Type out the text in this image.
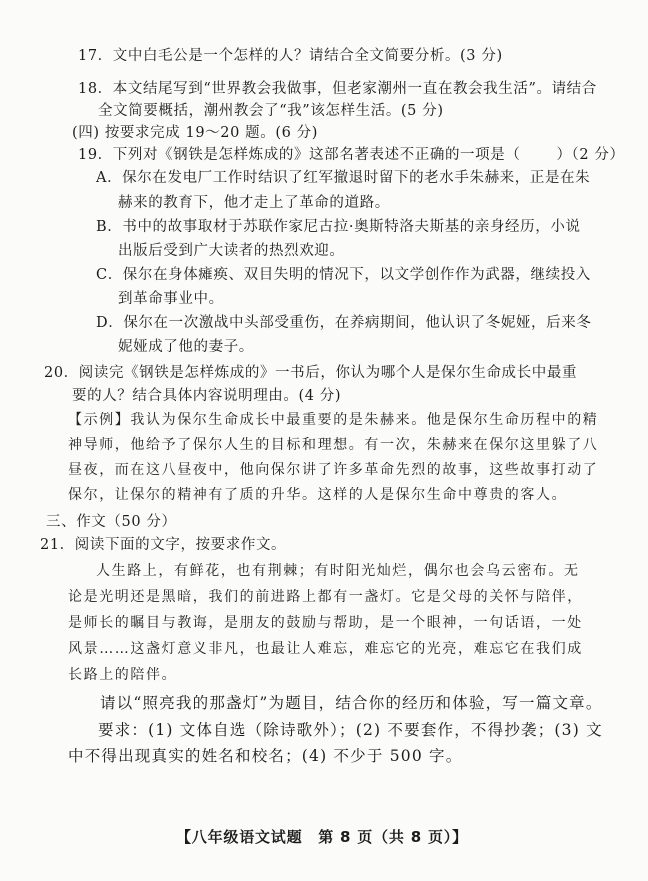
17．文中白毛公是一个怎样的人？请结合全文简要分析。(3 分)
18．本文结尾写到“世界教会我做事，但老家潮州一直在教会我生活”。请结合
全文简要概括，潮州教会了“我”该怎样生活。(5 分)
(四) 按要求完成 19～20 题。(6 分)
19．下列对《钢铁是怎样炼成的》这部名著表述不正确的一项是（ ）（2 分）
A．保尔在发电厂工作时结识了红军撤退时留下的老水手朱赫来，正是在朱
赫来的教育下，他才走上了革命的道路。
B．书中的故事取材于苏联作家尼古拉·奥斯特洛夫斯基的亲身经历，小说
出版后受到广大读者的热烈欢迎。
C．保尔在身体瘫痪、双目失明的情况下，以文学创作作为武器，继续投入
到革命事业中。
D．保尔在一次激战中头部受重伤，在养病期间，他认识了冬妮娅，后来冬
妮娅成了他的妻子。
20．阅读完《钢铁是怎样炼成的》一书后，你认为哪个人是保尔生命成长中最重
要的人？结合具体内容说明理由。(4 分)
【示例】我认为保尔生命成长中最重要的是朱赫来。他是保尔生命历程中的精
神导师，他给予了保尔人生的目标和理想。有一次，朱赫来在保尔这里躲了八
昼夜，而在这八昼夜中，他向保尔讲了许多革命先烈的故事，这些故事打动了
保尔，让保尔的精神有了质的升华。这样的人是保尔生命中尊贵的客人。
三、作文（50 分）
21．阅读下面的文字，按要求作文。
人生路上，有鲜花，也有荆棘；有时阳光灿烂，偶尔也会乌云密布。无
论是光明还是黑暗，我们的前进路上都有一盏灯。它是父母的关怀与陪伴，
是师长的瞩目与教诲，是朋友的鼓励与帮助，是一个眼神，一句话语，一处
风景……这盏灯意义非凡，也最让人难忘，难忘它的光亮，难忘它在我们成
长路上的陪伴。
请以“照亮我的那盏灯”为题目，结合你的经历和体验，写一篇文章。
要求：(1) 文体自选（除诗歌外）；(2) 不要套作，不得抄袭；(3) 文
中不得出现真实的姓名和校名；(4) 不少于 500 字。
【八年级语文试题　第 8 页（共 8 页）】
